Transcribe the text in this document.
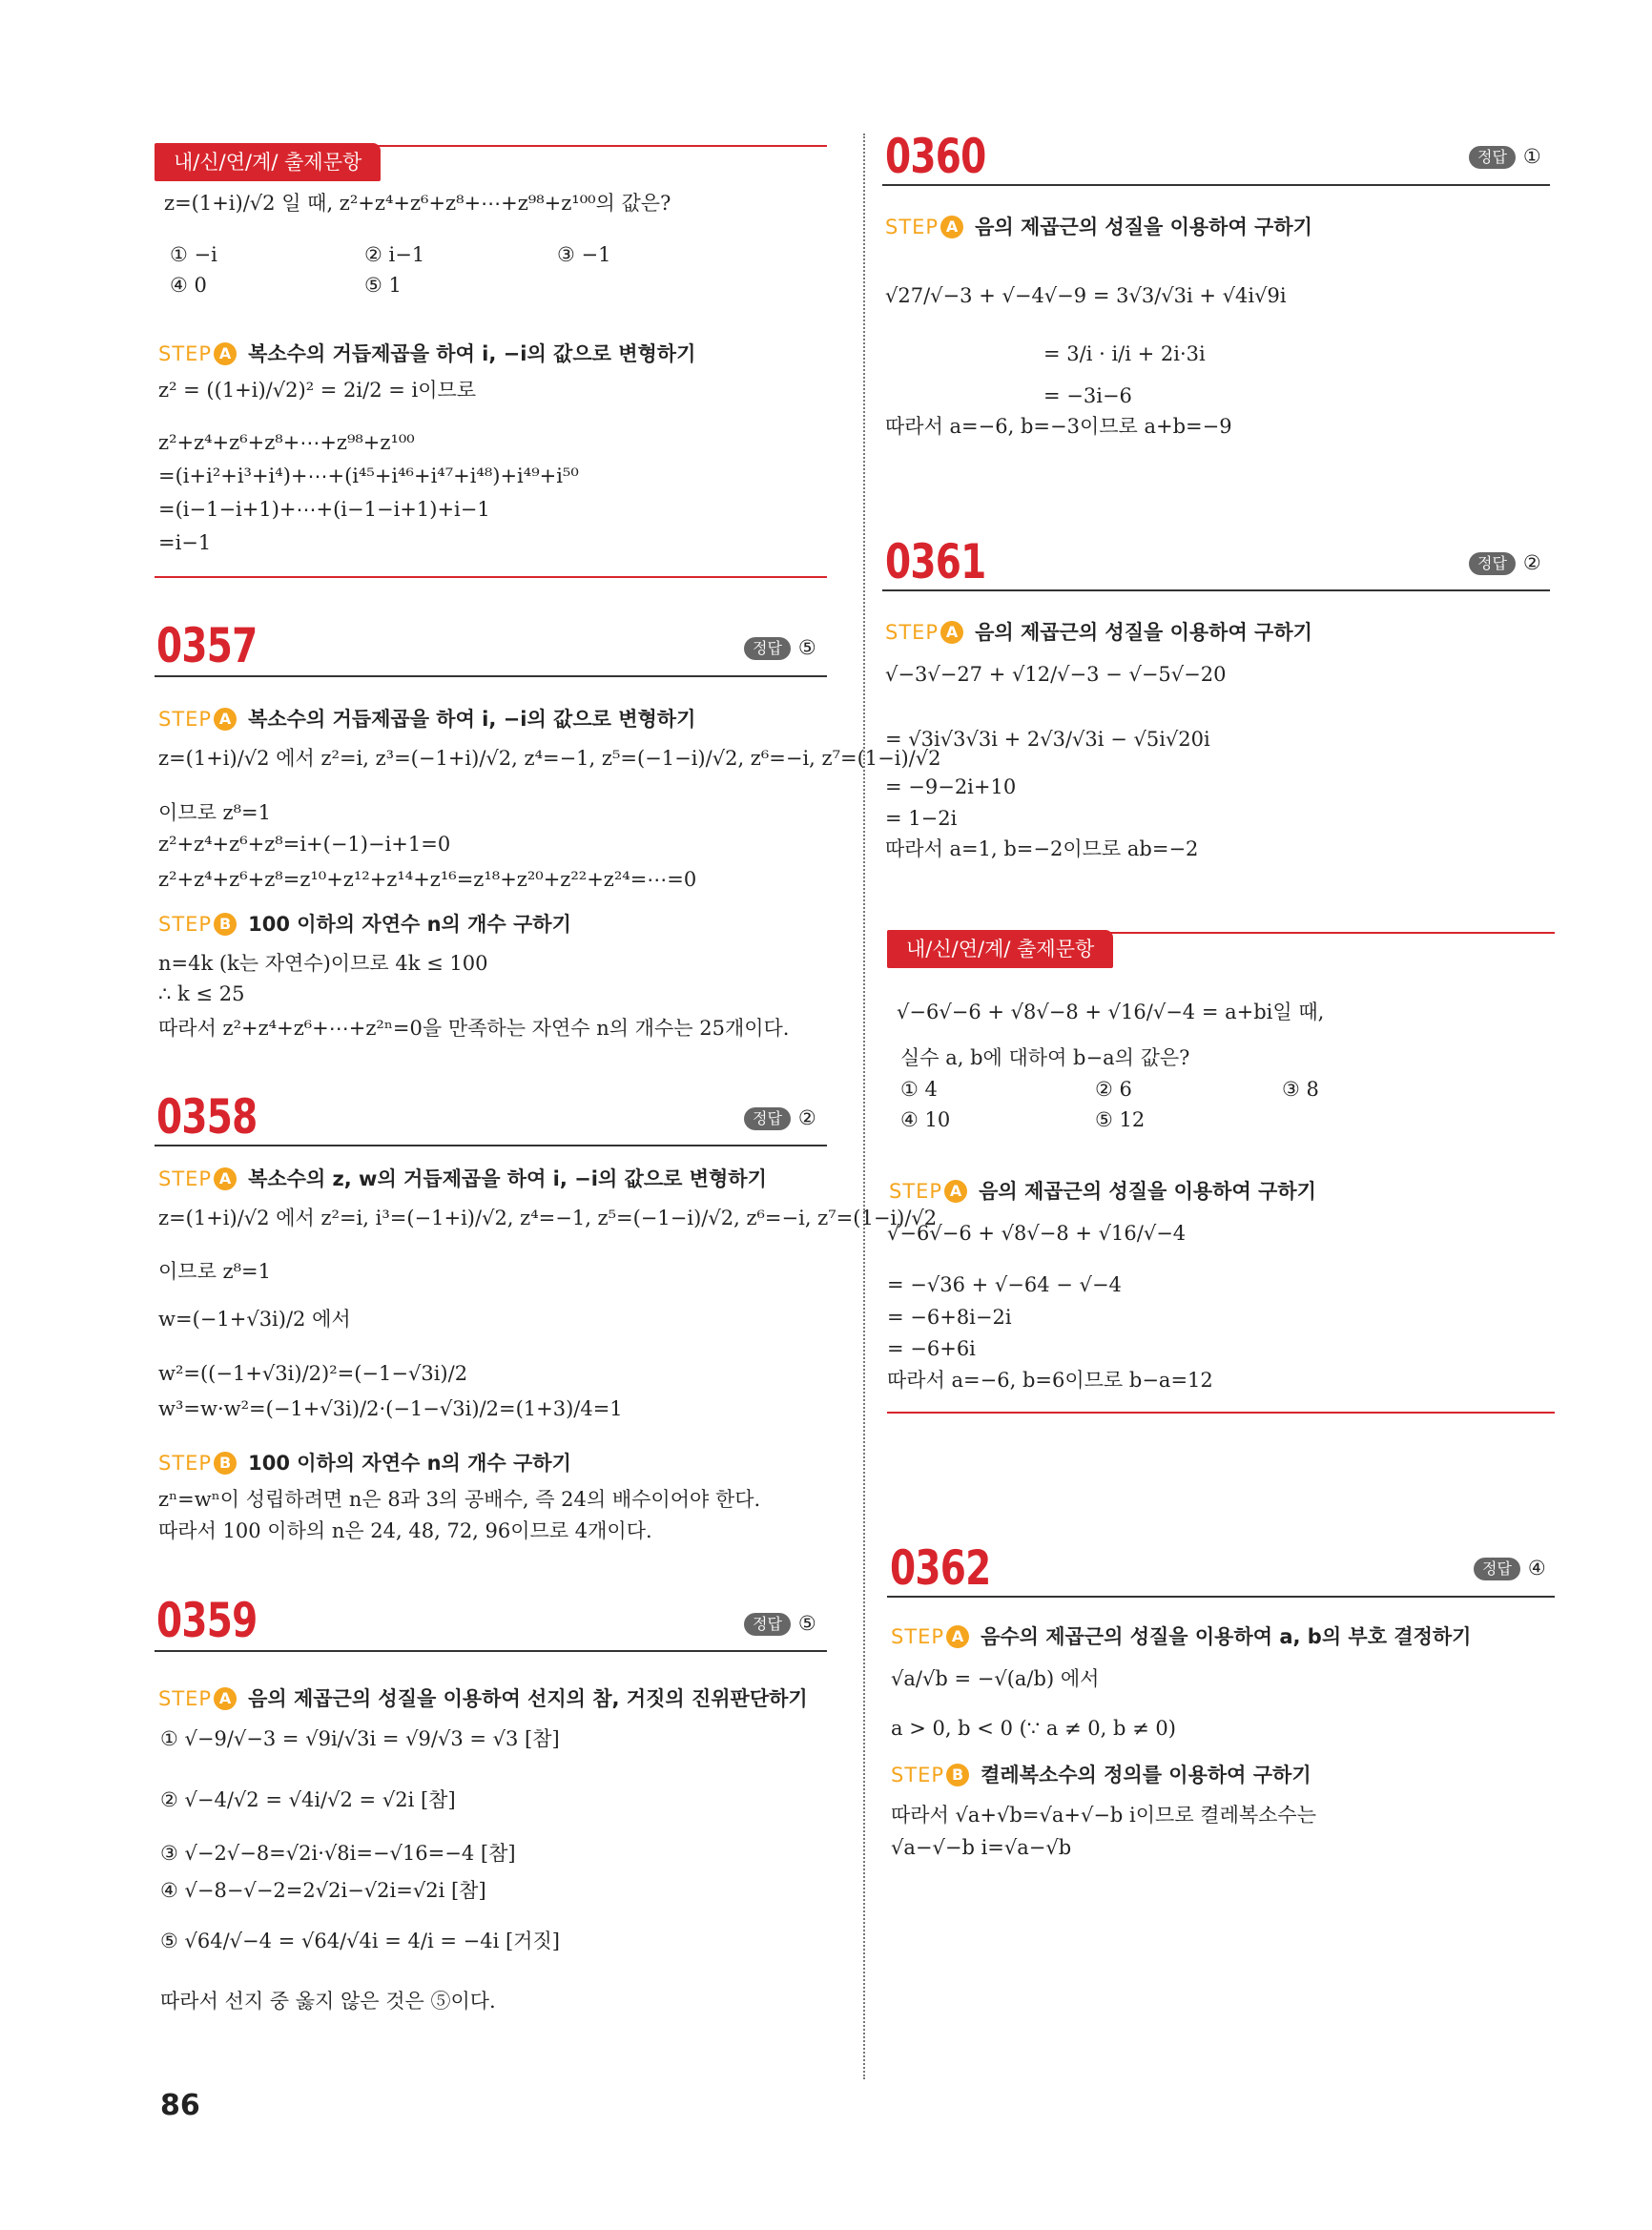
내/신/연/계/ 출제문항
z=(1+i)/√2 일 때, z²+z⁴+z⁶+z⁸+⋯+z⁹⁸+z¹⁰⁰의 값은?
① −i	② i−1	③ −1
④ 0	⑤ 1
STEP A 복소수의 거듭제곱을 하여 i, −i의 값으로 변형하기
z² = ((1+i)/√2)² = 2i/2 = i이므로
z²+z⁴+z⁶+z⁸+⋯+z⁹⁸+z¹⁰⁰
=(i+i²+i³+i⁴)+⋯+(i⁴⁵+i⁴⁶+i⁴⁷+i⁴⁸)+i⁴⁹+i⁵⁰
=(i−1−i+1)+⋯+(i−1−i+1)+i−1
=i−1
0357	정답 ⑤
STEP A 복소수의 거듭제곱을 하여 i, −i의 값으로 변형하기
z=(1+i)/√2 에서 z²=i, z³=(−1+i)/√2, z⁴=−1, z⁵=(−1−i)/√2, z⁶=−i, z⁷=(1−i)/√2
이므로 z⁸=1
z²+z⁴+z⁶+z⁸=i+(−1)−i+1=0
z²+z⁴+z⁶+z⁸=z¹⁰+z¹²+z¹⁴+z¹⁶=z¹⁸+z²⁰+z²²+z²⁴=⋯=0
STEP B 100 이하의 자연수 n의 개수 구하기
n=4k (k는 자연수)이므로 4k ≤ 100
∴ k ≤ 25
따라서 z²+z⁴+z⁶+⋯+z²ⁿ=0을 만족하는 자연수 n의 개수는 25개이다.
0358	정답 ②
STEP A 복소수의 z, w의 거듭제곱을 하여 i, −i의 값으로 변형하기
z=(1+i)/√2 에서 z²=i, i³=(−1+i)/√2, z⁴=−1, z⁵=(−1−i)/√2, z⁶=−i, z⁷=(1−i)/√2
이므로 z⁸=1
w=(−1+√3i)/2 에서
w²=((−1+√3i)/2)²=(−1−√3i)/2
w³=w·w²=(−1+√3i)/2·(−1−√3i)/2=(1+3)/4=1
STEP B 100 이하의 자연수 n의 개수 구하기
zⁿ=wⁿ이 성립하려면 n은 8과 3의 공배수, 즉 24의 배수이어야 한다.
따라서 100 이하의 n은 24, 48, 72, 96이므로 4개이다.
0359	정답 ⑤
STEP A 음의 제곱근의 성질을 이용하여 선지의 참, 거짓의 진위판단하기
① √−9/√−3 = √9i/√3i = √9/√3 = √3 [참]
② √−4/√2 = √4i/√2 = √2i [참]
③ √−2√−8=√2i·√8i=−√16=−4 [참]
④ √−8−√−2=2√2i−√2i=√2i [참]
⑤ √64/√−4 = √64/√4i = 4/i = −4i [거짓]
따라서 선지 중 옳지 않은 것은 ⑤이다.
86
0360	정답 ①
STEP A 음의 제곱근의 성질을 이용하여 구하기
√27/√−3 + √−4√−9 = 3√3/√3i + √4i√9i
= 3/i · i/i + 2i·3i
= −3i−6
따라서 a=−6, b=−3이므로 a+b=−9
0361	정답 ②
STEP A 음의 제곱근의 성질을 이용하여 구하기
√−3√−27 + √12/√−3 − √−5√−20
= √3i√3√3i + 2√3/√3i − √5i√20i
= −9−2i+10
= 1−2i
따라서 a=1, b=−2이므로 ab=−2
내/신/연/계/ 출제문항
√−6√−6 + √8√−8 + √16/√−4 = a+bi일 때,
실수 a, b에 대하여 b−a의 값은?
① 4	② 6	③ 8
④ 10	⑤ 12
STEP A 음의 제곱근의 성질을 이용하여 구하기
√−6√−6 + √8√−8 + √16/√−4
= −√36 + √−64 − √−4
= −6+8i−2i
= −6+6i
따라서 a=−6, b=6이므로 b−a=12
0362	정답 ④
STEP A 음수의 제곱근의 성질을 이용하여 a, b의 부호 결정하기
√a/√b = −√(a/b) 에서
a > 0, b < 0 (∵ a ≠ 0, b ≠ 0)
STEP B 켤레복소수의 정의를 이용하여 구하기
따라서 √a+√b=√a+√−b i이므로 켤레복소수는
√a−√−b i=√a−√b
